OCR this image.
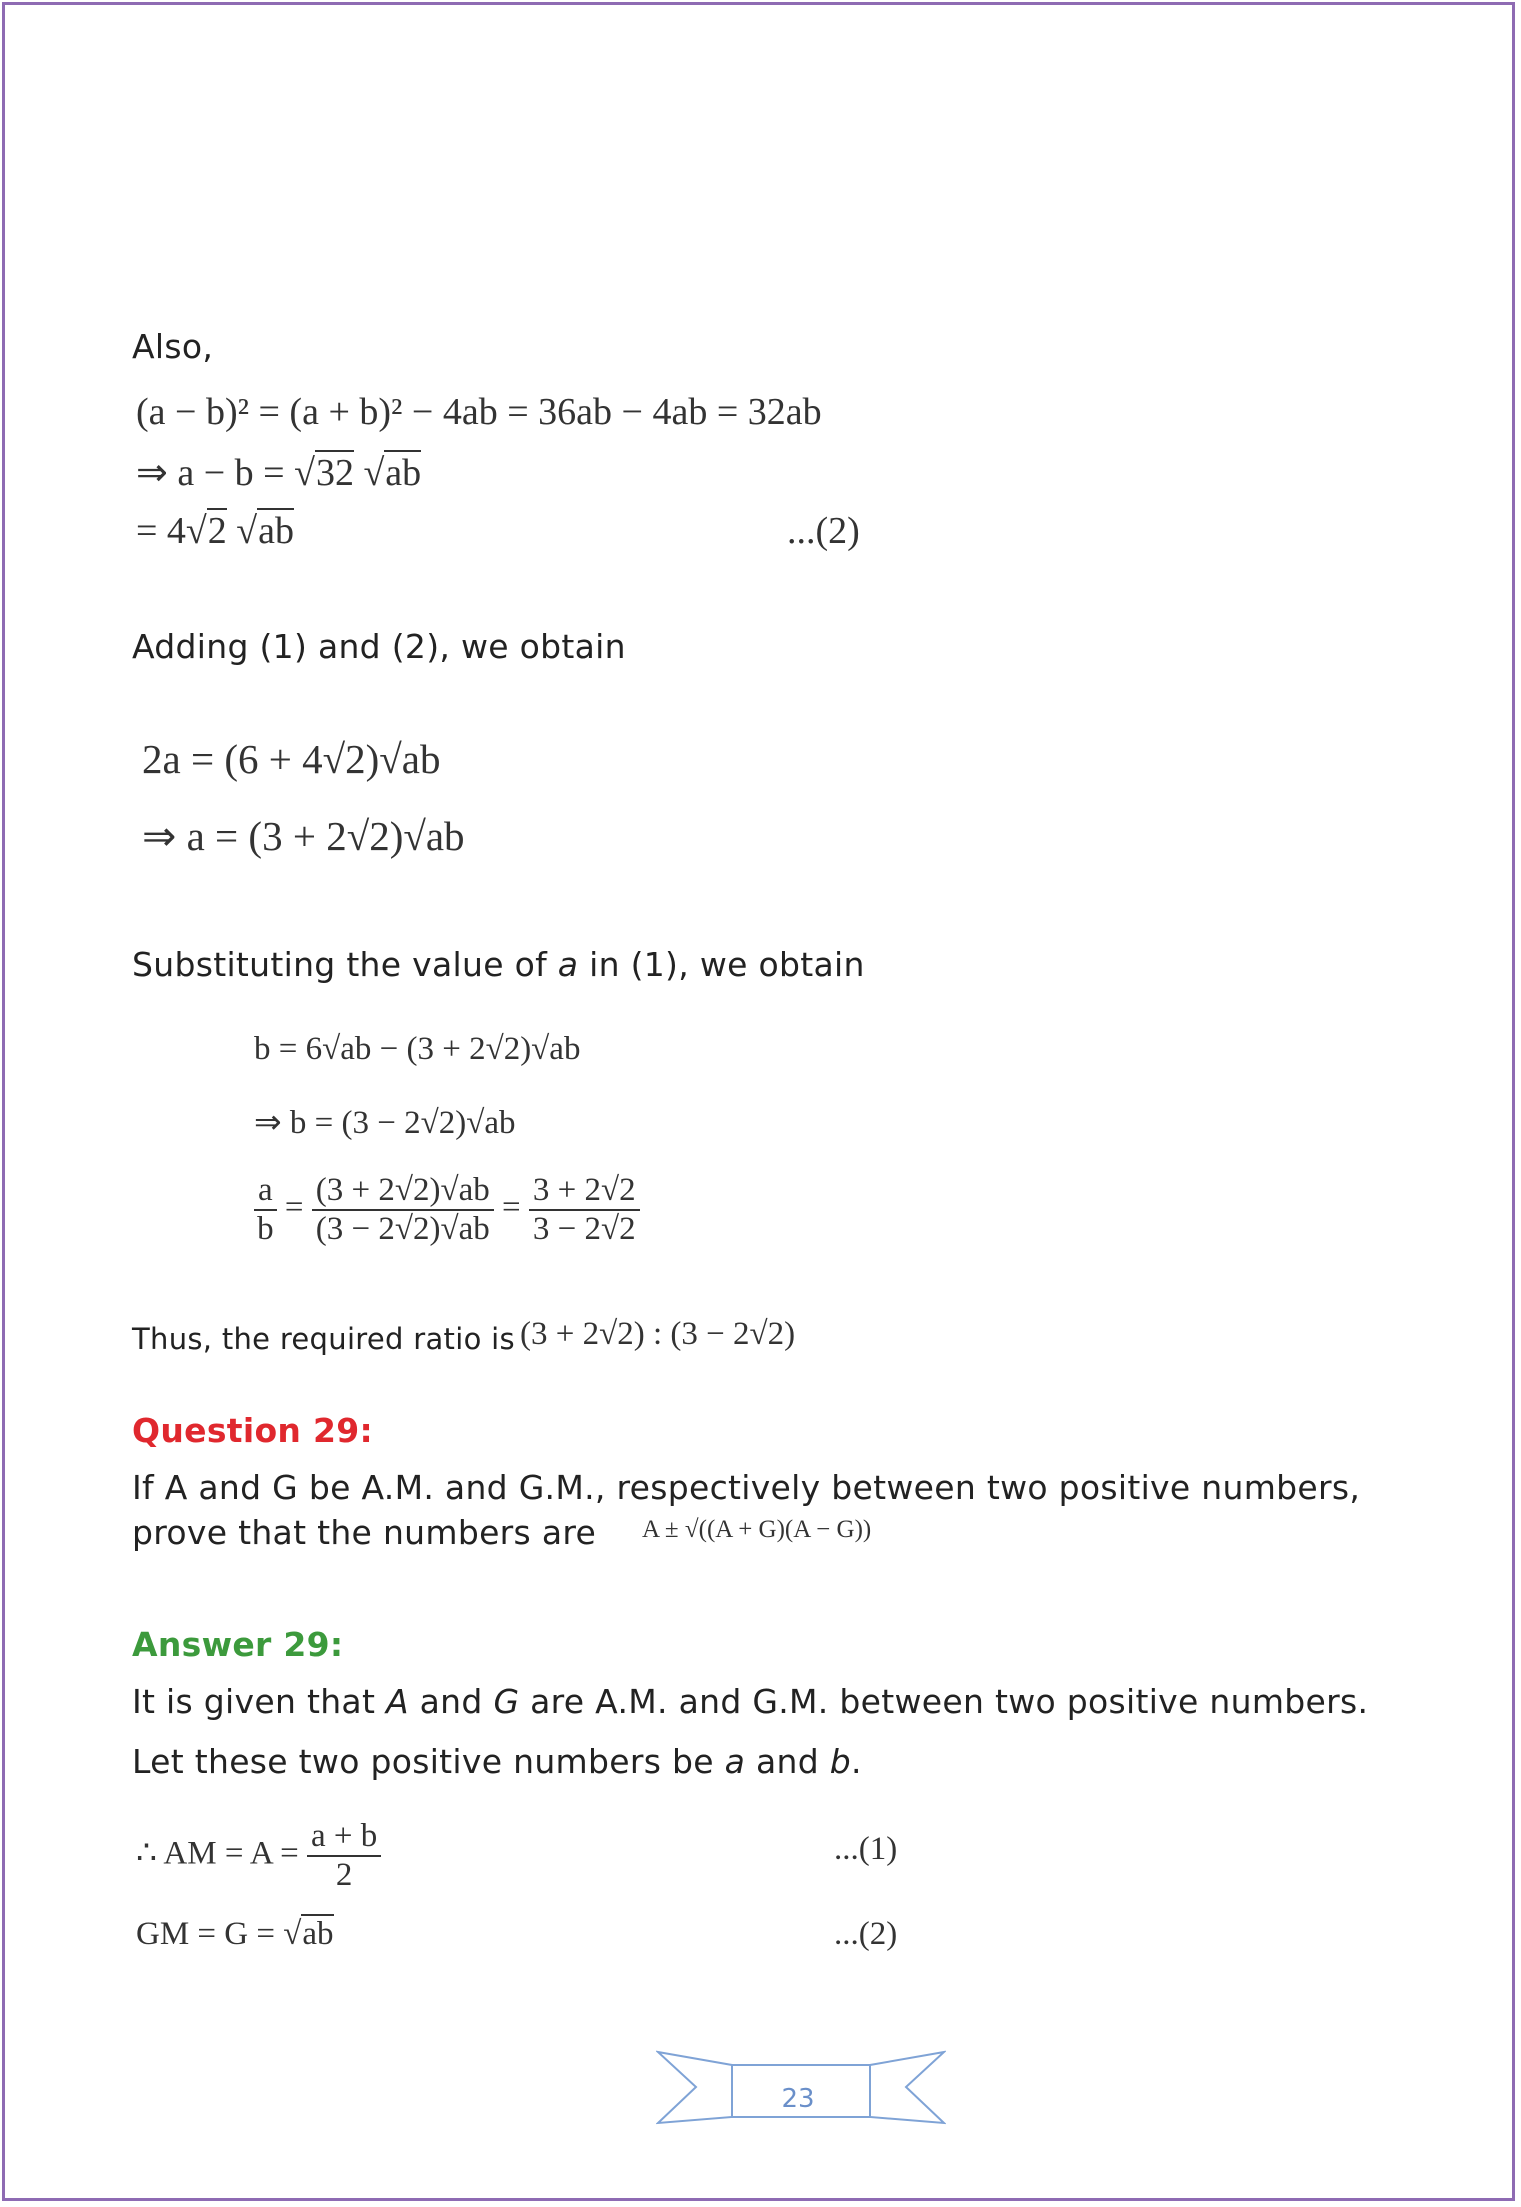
Also,
(a − b)² = (a + b)² − 4ab = 36ab − 4ab = 32ab
⇒ a − b = √32 √ab
= 4√2 √ab	...(2)
Adding (1) and (2), we obtain
2a = (6 + 4√2)√ab
⇒ a = (3 + 2√2)√ab
Substituting the value of a in (1), we obtain
b = 6√ab − (3 + 2√2)√ab
⇒ b = (3 − 2√2)√ab
$\frac{a}{b} = \frac{(3 + 2√2)√ab}{(3 - 2√2)√ab} = \frac{3 + 2√2}{3 - 2√2}$
Thus, the required ratio is (3 + 2√2) : (3 − 2√2)
Question 29:
If A and G be A.M. and G.M., respectively between two positive numbers,
prove that the numbers are A ± √((A + G)(A − G))
Answer 29:
It is given that A and G are A.M. and G.M. between two positive numbers.
Let these two positive numbers be a and b.
∴ AM = $A = \frac{a + b}{2}$	...(1)
GM = G = √ab	...(2)
23
